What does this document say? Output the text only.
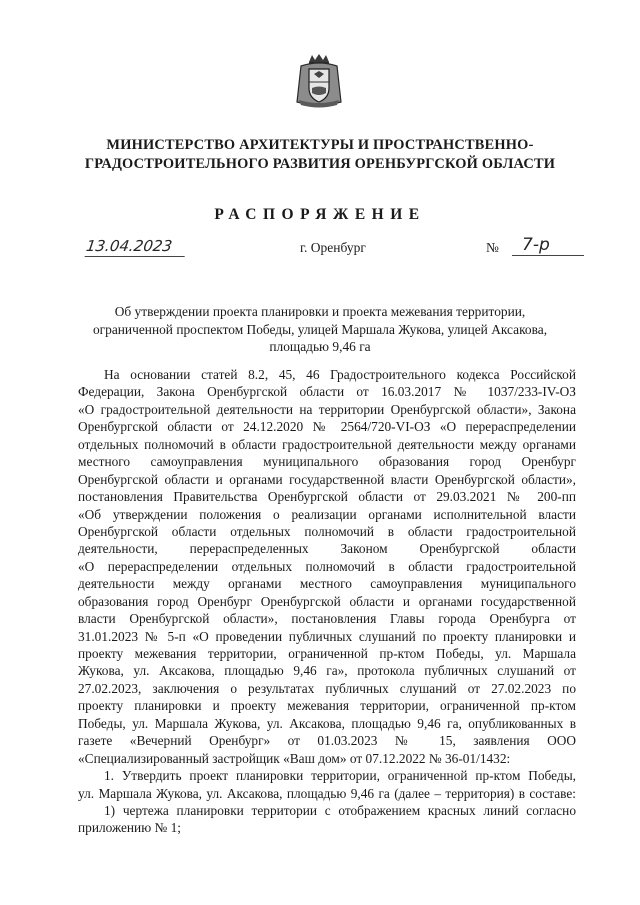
МИНИСТЕРСТВО АРХИТЕКТУРЫ И ПРОСТРАНСТВЕННО-
ГРАДОСТРОИТЕЛЬНОГО РАЗВИТИЯ ОРЕНБУРГСКОЙ ОБЛАСТИ
РАСПОРЯЖЕНИЕ
13.04.2023	г. Оренбург	№	7-р
Об утверждении проекта планировки и проекта межевания территории,
ограниченной проспектом Победы, улицей Маршала Жукова, улицей Аксакова,
площадью 9,46 га
На основании статей 8.2, 45, 46 Градостроительного кодекса Российской
Федерации, Закона Оренбургской области от 16.03.2017 № 1037/233-IV-ОЗ
«О градостроительной деятельности на территории Оренбургской области», Закона
Оренбургской области от 24.12.2020 № 2564/720-VI-ОЗ «О перераспределении
отдельных полномочий в области градостроительной деятельности между органами
местного самоуправления муниципального образования город Оренбург
Оренбургской области и органами государственной власти Оренбургской области»,
постановления Правительства Оренбургской области от 29.03.2021 № 200-пп
«Об утверждении положения о реализации органами исполнительной власти
Оренбургской области отдельных полномочий в области градостроительной
деятельности, перераспределенных Законом Оренбургской области
«О перераспределении отдельных полномочий в области градостроительной
деятельности между органами местного самоуправления муниципального
образования город Оренбург Оренбургской области и органами государственной
власти Оренбургской области», постановления Главы города Оренбурга от
31.01.2023 № 5-п «О проведении публичных слушаний по проекту планировки и
проекту межевания территории, ограниченной пр-ктом Победы, ул. Маршала
Жукова, ул. Аксакова, площадью 9,46 га», протокола публичных слушаний от
27.02.2023, заключения о результатах публичных слушаний от 27.02.2023 по
проекту планировки и проекту межевания территории, ограниченной пр-ктом
Победы, ул. Маршала Жукова, ул. Аксакова, площадью 9,46 га, опубликованных в
газете «Вечерний Оренбург» от 01.03.2023 № 15, заявления ООО
«Специализированный застройщик «Ваш дом» от 07.12.2022 № 36-01/1432:
1. Утвердить проект планировки территории, ограниченной пр-ктом Победы,
ул. Маршала Жукова, ул. Аксакова, площадью 9,46 га (далее – территория) в составе:
1) чертежа планировки территории с отображением красных линий согласно
приложению № 1;
